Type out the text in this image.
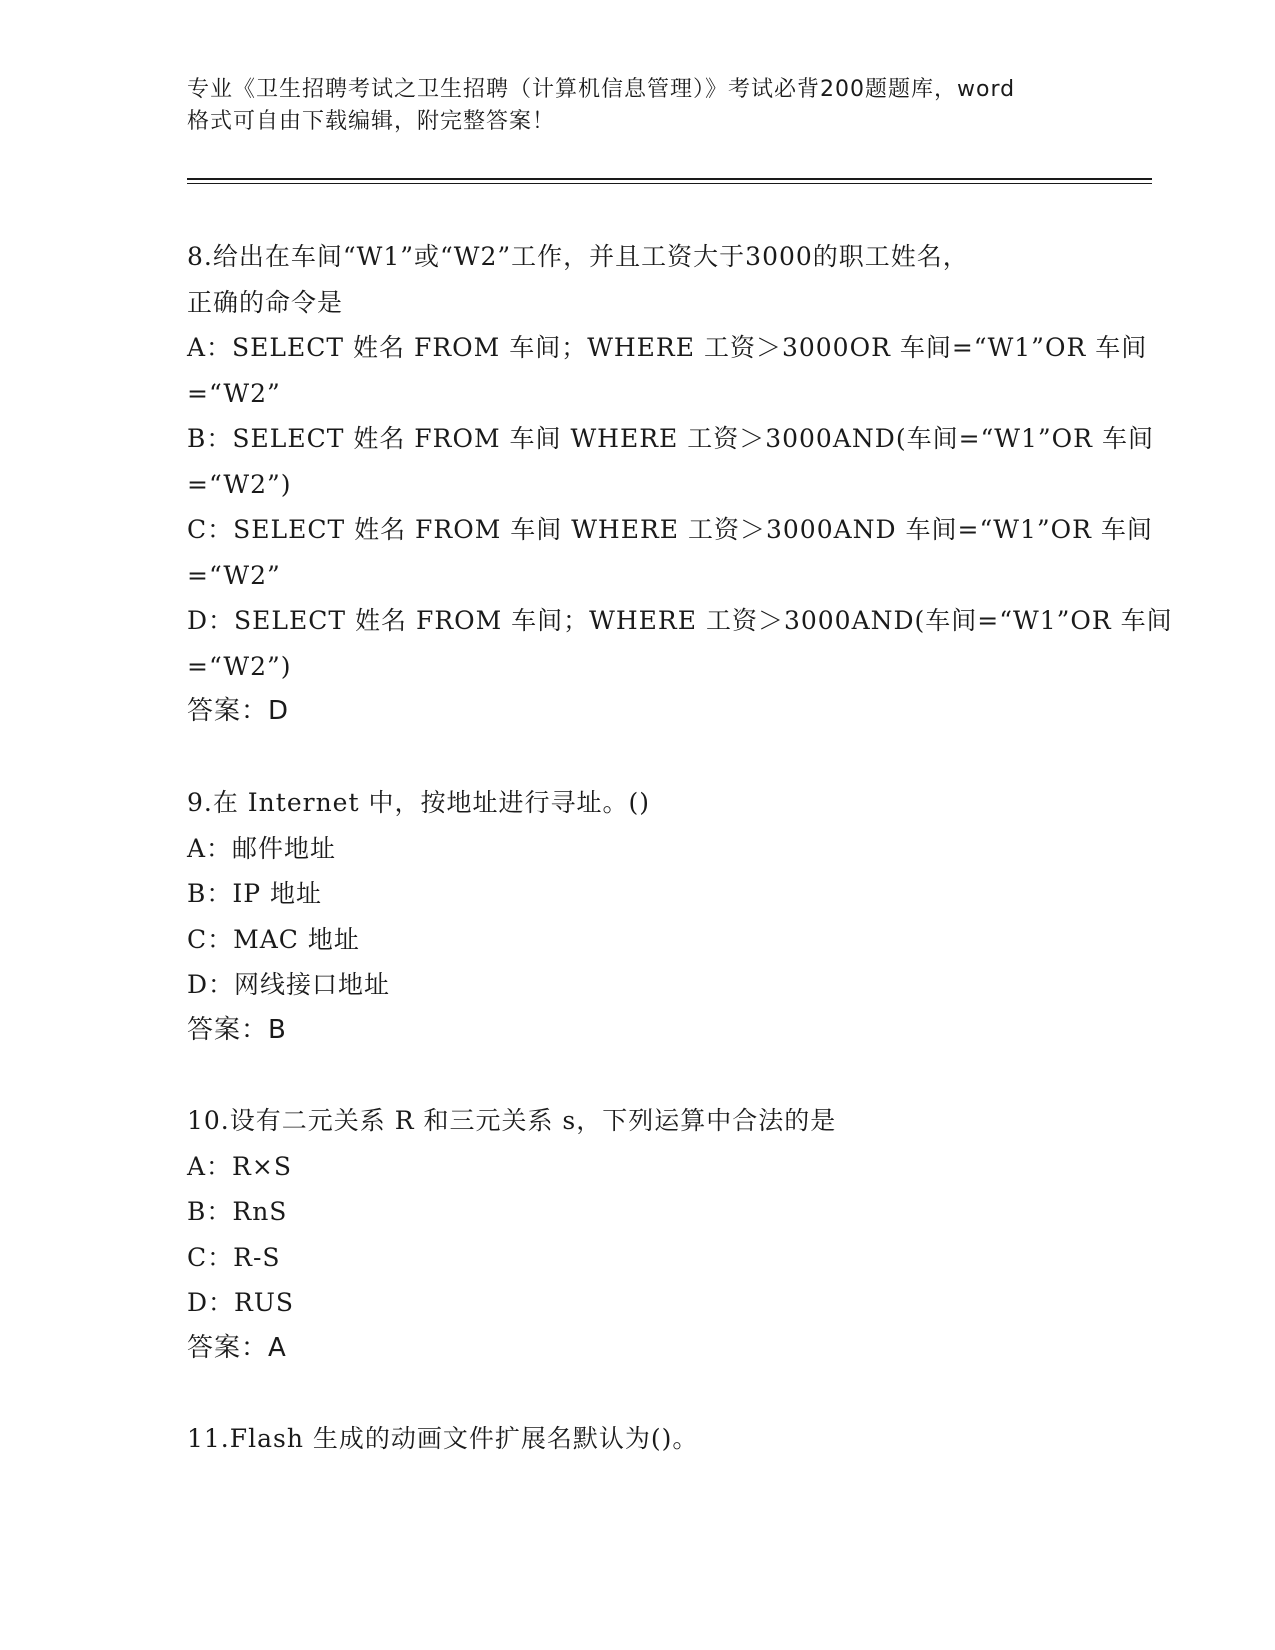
专业《卫生招聘考试之卫生招聘（计算机信息管理）》考试必背200题题库，word
格式可自由下载编辑，附完整答案！
8.给出在车间“W1”或“W2”工作，并且工资大于3000的职工姓名，
正确的命令是
A：SELECT 姓名 FROM 车间；WHERE 工资＞3000OR 车间=“W1”OR 车间
=“W2”
B：SELECT 姓名 FROM 车间 WHERE 工资＞3000AND(车间=“W1”OR 车间
=“W2”)
C：SELECT 姓名 FROM 车间 WHERE 工资＞3000AND 车间=“W1”OR 车间
=“W2”
D：SELECT 姓名 FROM 车间；WHERE 工资＞3000AND(车间=“W1”OR 车间
=“W2”)
答案：D
9.在 Internet 中，按地址进行寻址。()
A：邮件地址
B：IP 地址
C：MAC 地址
D：网线接口地址
答案：B
10.设有二元关系 R 和三元关系 s，下列运算中合法的是
A：R×S
B：RnS
C：R-S
D：RUS
答案：A
11.Flash 生成的动画文件扩展名默认为()。
